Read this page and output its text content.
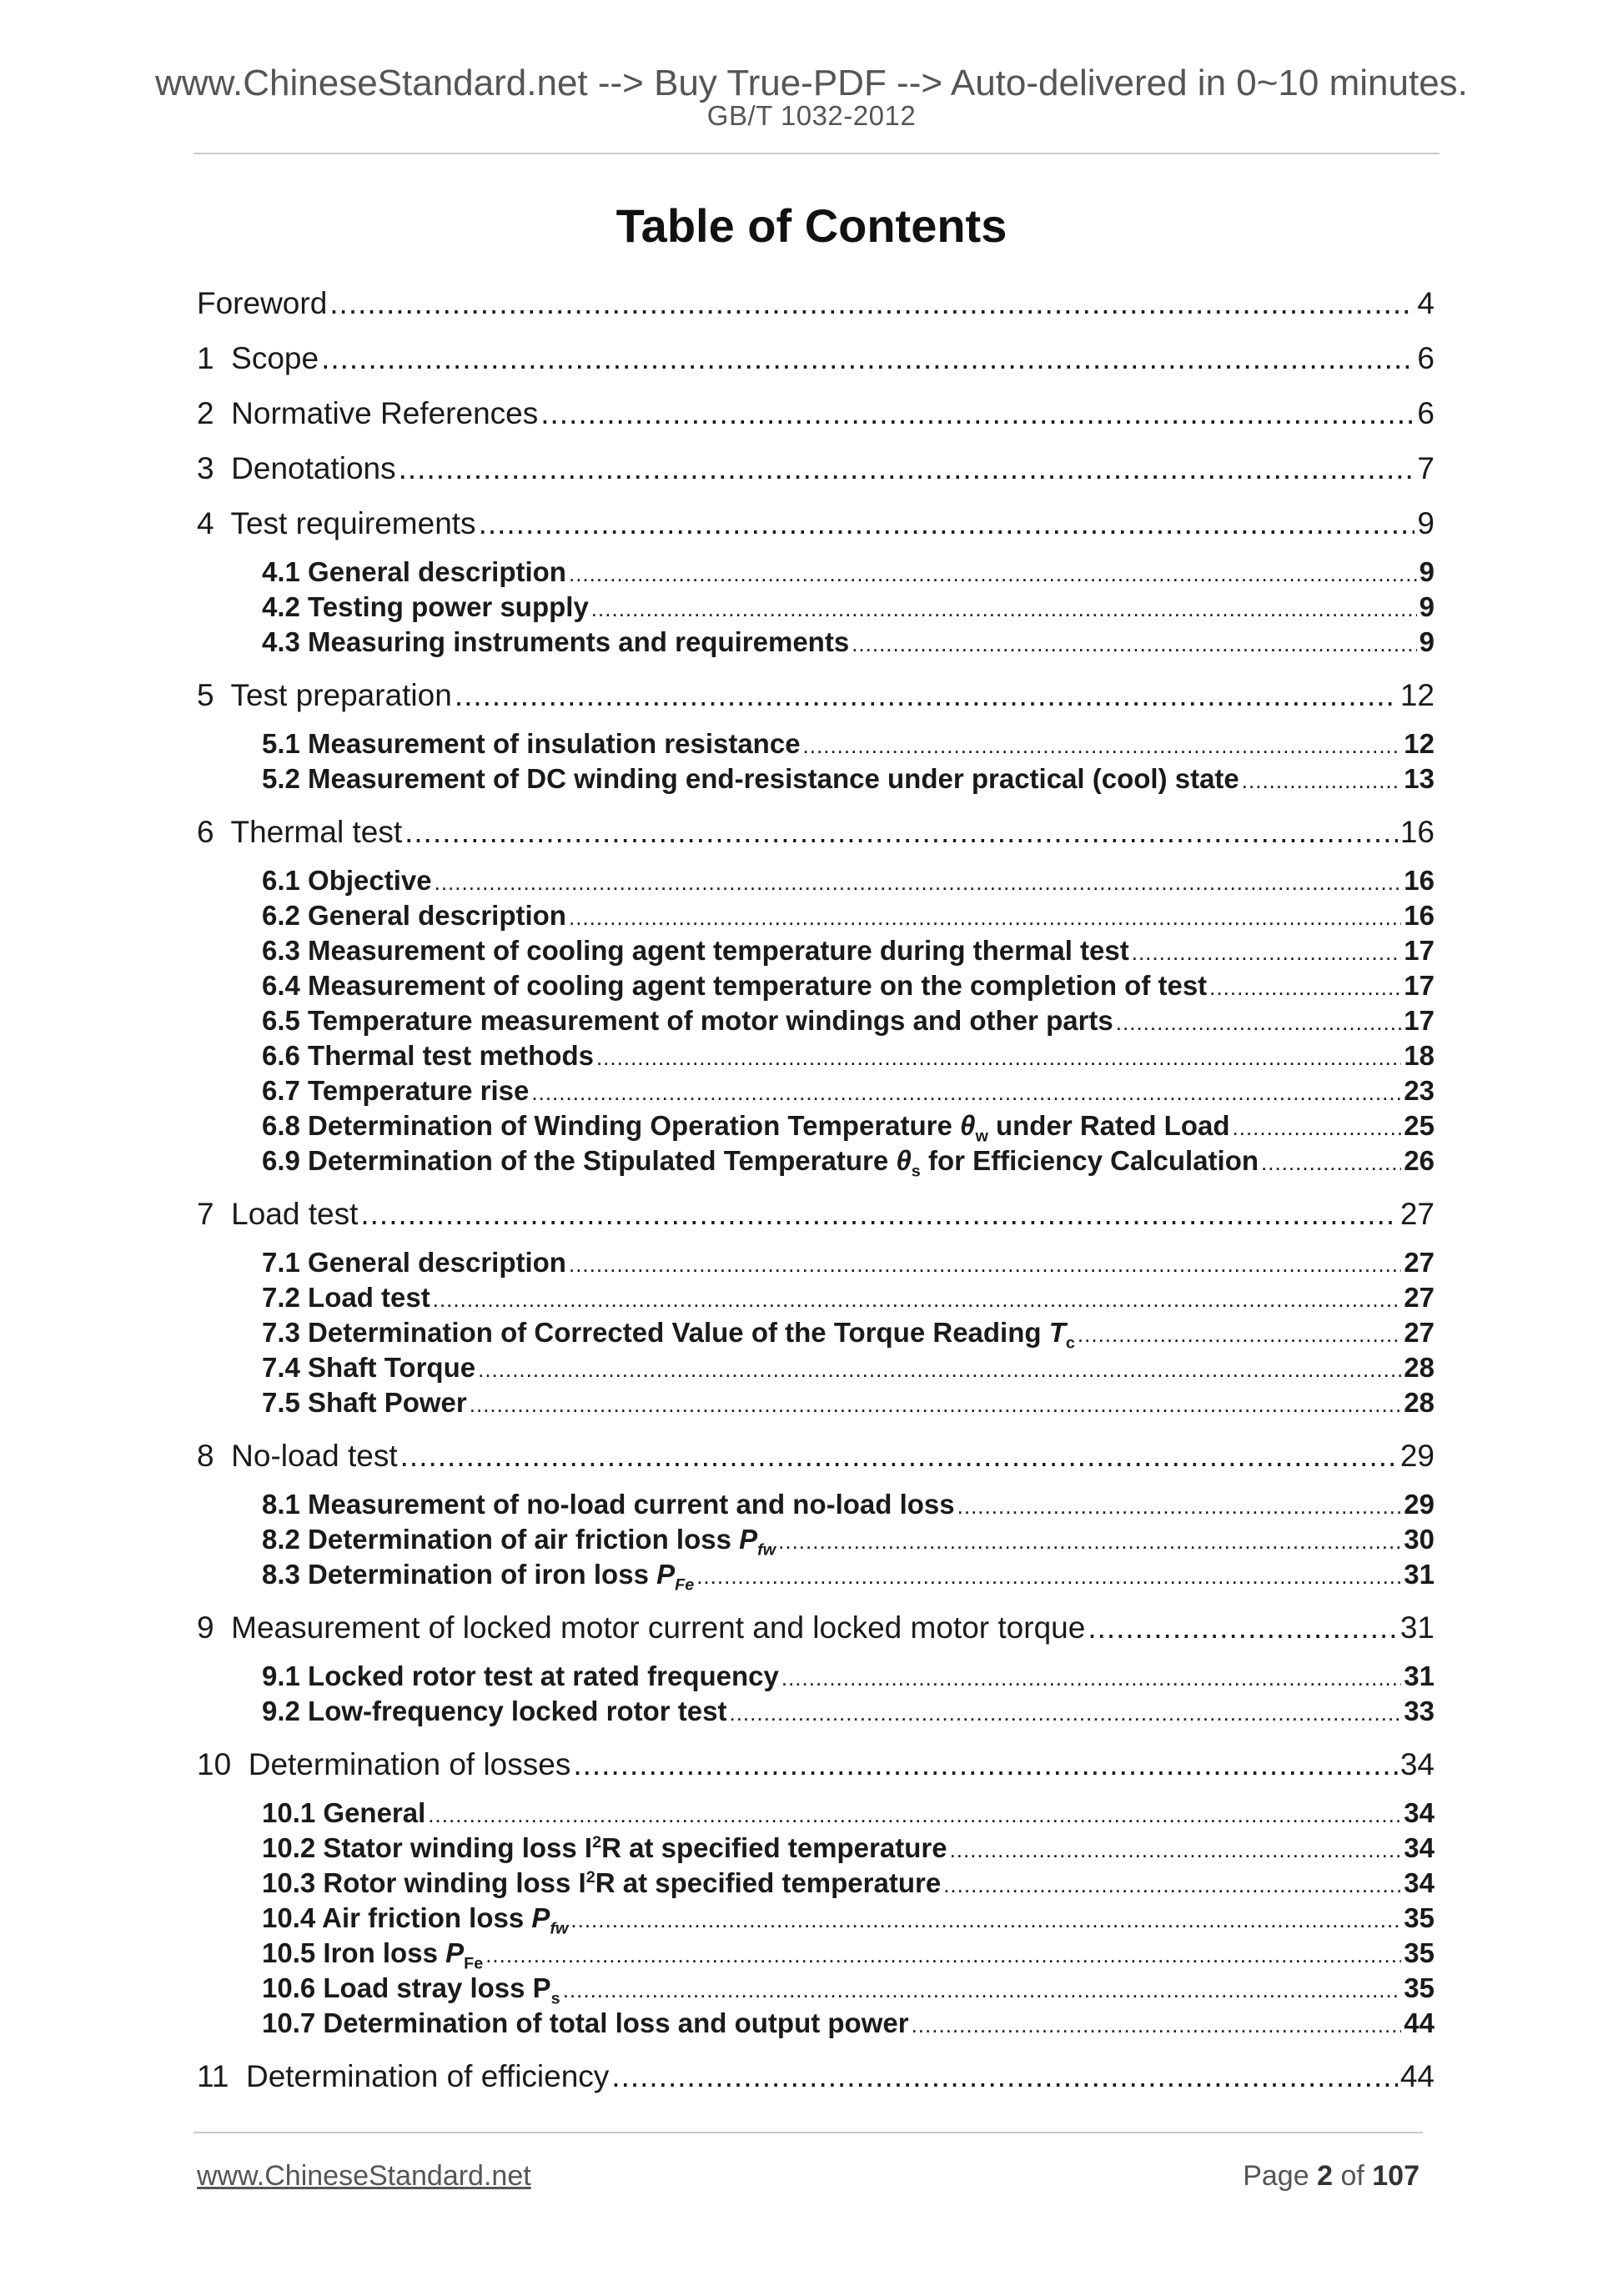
www.ChineseStandard.net --> Buy True-PDF --> Auto-delivered in 0~10 minutes.
GB/T 1032-2012
Table of Contents
Foreword .....	4
1 Scope .....	6
2 Normative References .....	6
3 Denotations .....	7
4 Test requirements .....	9
4.1 General description .....	9
4.2 Testing power supply .....	9
4.3 Measuring instruments and requirements .....	9
5 Test preparation .....	12
5.1 Measurement of insulation resistance .....	12
5.2 Measurement of DC winding end-resistance under practical (cool) state .....	13
6 Thermal test .....	16
6.1 Objective .....	16
6.2 General description .....	16
6.3 Measurement of cooling agent temperature during thermal test .....	17
6.4 Measurement of cooling agent temperature on the completion of test .....	17
6.5 Temperature measurement of motor windings and other parts .....	17
6.6 Thermal test methods .....	18
6.7 Temperature rise .....	23
6.8 Determination of Winding Operation Temperature $\theta_w$ under Rated Load .....	25
6.9 Determination of the Stipulated Temperature $\theta_s$ for Efficiency Calculation .....	26
7 Load test .....	27
7.1 General description .....	27
7.2 Load test .....	27
7.3 Determination of Corrected Value of the Torque Reading $T_c$ .....	27
7.4 Shaft Torque .....	28
7.5 Shaft Power .....	28
8 No-load test .....	29
8.1 Measurement of no-load current and no-load loss .....	29
8.2 Determination of air friction loss $P_{fw}$ .....	30
8.3 Determination of iron loss $P_{Fe}$ .....	31
9 Measurement of locked motor current and locked motor torque .....	31
9.1 Locked rotor test at rated frequency .....	31
9.2 Low-frequency locked rotor test .....	33
10 Determination of losses .....	34
10.1 General .....	34
10.2 Stator winding loss $I^2R$ at specified temperature .....	34
10.3 Rotor winding loss $I^2R$ at specified temperature .....	34
10.4 Air friction loss $P_{fw}$ .....	35
10.5 Iron loss $P_{Fe}$ .....	35
10.6 Load stray loss $P_s$ .....	35
10.7 Determination of total loss and output power .....	44
11 Determination of efficiency .....	44
www.ChineseStandard.net	Page 2 of 107
